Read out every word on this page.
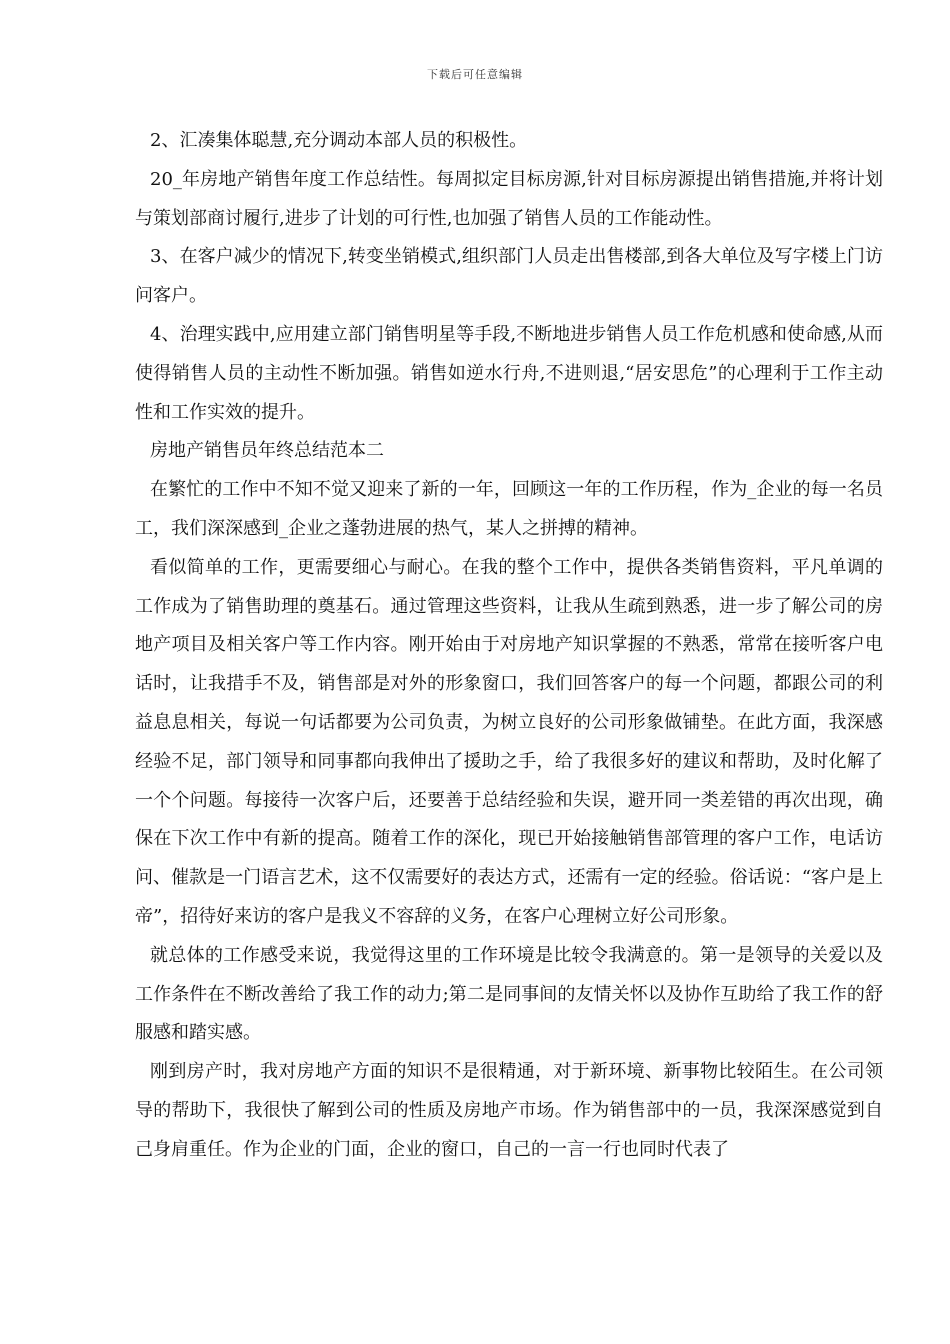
下载后可任意编辑

2、汇凑集体聪慧,充分调动本部人员的积极性。

20_年房地产销售年度工作总结性。每周拟定目标房源,针对目标房源提出销售措施,并将计划与策划部商讨履行,进步了计划的可行性,也加强了销售人员的工作能动性。

3、在客户减少的情况下,转变坐销模式,组织部门人员走出售楼部,到各大单位及写字楼上门访问客户。

4、治理实践中,应用建立部门销售明星等手段,不断地进步销售人员工作危机感和使命感,从而使得销售人员的主动性不断加强。销售如逆水行舟,不进则退,“居安思危”的心理利于工作主动性和工作实效的提升。

房地产销售员年终总结范本二

在繁忙的工作中不知不觉又迎来了新的一年，回顾这一年的工作历程，作为_企业的每一名员工，我们深深感到_企业之蓬勃进展的热气，某人之拼搏的精神。

看似简单的工作，更需要细心与耐心。在我的整个工作中，提供各类销售资料，平凡单调的工作成为了销售助理的奠基石。通过管理这些资料，让我从生疏到熟悉，进一步了解公司的房地产项目及相关客户等工作内容。刚开始由于对房地产知识掌握的不熟悉，常常在接听客户电话时，让我措手不及，销售部是对外的形象窗口，我们回答客户的每一个问题，都跟公司的利益息息相关，每说一句话都要为公司负责，为树立良好的公司形象做铺垫。在此方面，我深感经验不足，部门领导和同事都向我伸出了援助之手，给了我很多好的建议和帮助，及时化解了一个个问题。每接待一次客户后，还要善于总结经验和失误，避开同一类差错的再次出现，确保在下次工作中有新的提高。随着工作的深化，现已开始接触销售部管理的客户工作，电话访问、催款是一门语言艺术，这不仅需要好的表达方式，还需有一定的经验。俗话说：“客户是上帝”，招待好来访的客户是我义不容辞的义务，在客户心理树立好公司形象。

就总体的工作感受来说，我觉得这里的工作环境是比较令我满意的。第一是领导的关爱以及工作条件在不断改善给了我工作的动力;第二是同事间的友情关怀以及协作互助给了我工作的舒服感和踏实感。

刚到房产时，我对房地产方面的知识不是很精通，对于新环境、新事物比较陌生。在公司领导的帮助下，我很快了解到公司的性质及房地产市场。作为销售部中的一员，我深深感觉到自己身肩重任。作为企业的门面，企业的窗口，自己的一言一行也同时代表了
